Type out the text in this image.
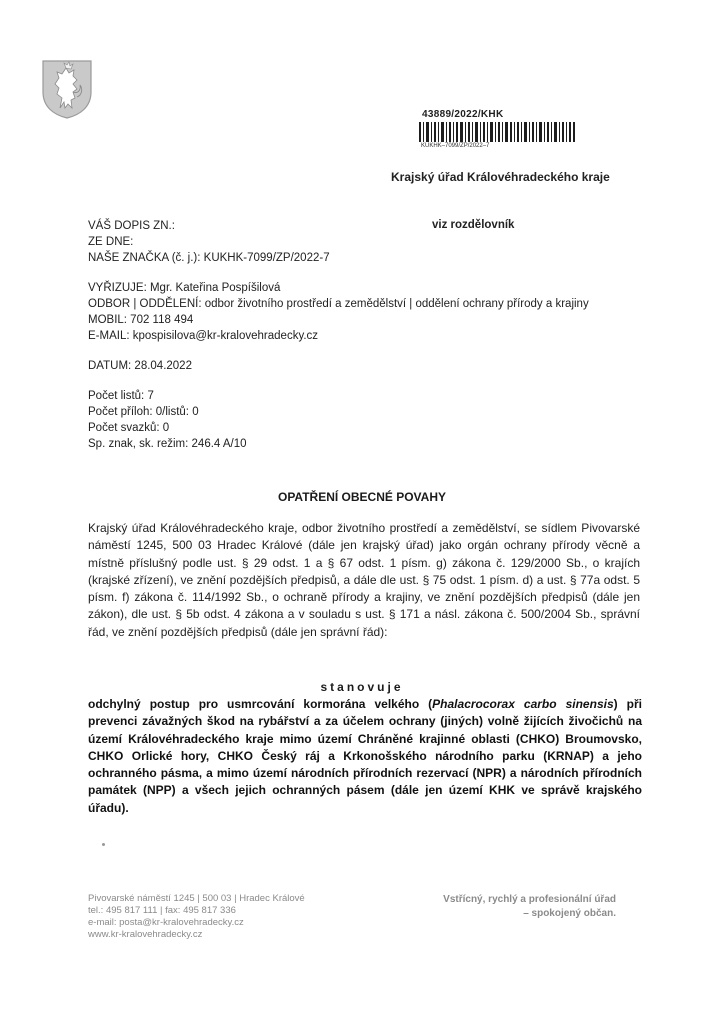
43889/2022/KHK
KUKHK–7099/ZP/2022–7
Krajský úřad Královéhradeckého kraje
VÁŠ DOPIS ZN.:
ZE DNE:
NAŠE ZNAČKA (č. j.): KUKHK-7099/ZP/2022-7
viz rozdělovník
VYŘIZUJE: Mgr. Kateřina Pospíšilová
ODBOR | ODDĚLENÍ: odbor životního prostředí a zemědělství | oddělení ochrany přírody a krajiny
MOBIL: 702 118 494
E-MAIL: kpospisilova@kr-kralovehradecky.cz
DATUM: 28.04.2022
Počet listů: 7
Počet příloh: 0/listů: 0
Počet svazků: 0
Sp. znak, sk. režim: 246.4 A/10
OPATŘENÍ OBECNÉ POVAHY
Krajský úřad Královéhradeckého kraje, odbor životního prostředí a zemědělství, se sídlem Pivovarské náměstí 1245, 500 03 Hradec Králové (dále jen krajský úřad) jako orgán ochrany přírody věcně a místně příslušný podle ust. § 29 odst. 1 a § 67 odst. 1 písm. g) zákona č. 129/2000 Sb., o krajích (krajské zřízení), ve znění pozdějších předpisů, a dále dle ust. § 75 odst. 1 písm. d) a ust. § 77a odst. 5 písm. f) zákona č. 114/1992 Sb., o ochraně přírody a krajiny, ve znění pozdějších předpisů (dále jen zákon), dle ust. § 5b odst. 4 zákona a v souladu s ust. § 171 a násl. zákona č. 500/2004 Sb., správní řád, ve znění pozdějších předpisů (dále jen správní řád):
stanovuje
odchylný postup pro usmrcování kormorána velkého (Phalacrocorax carbo sinensis) při prevenci závažných škod na rybářství a za účelem ochrany (jiných) volně žijících živočichů na území Královéhradeckého kraje mimo území Chráněné krajinné oblasti (CHKO) Broumovsko, CHKO Orlické hory, CHKO Český ráj a Krkonošského národního parku (KRNAP) a jeho ochranného pásma, a mimo území národních přírodních rezervací (NPR) a národních přírodních památek (NPP) a všech jejich ochranných pásem (dále jen území KHK ve správě krajského úřadu).
Pivovarské náměstí 1245 | 500 03 | Hradec Králové
tel.: 495 817 111 | fax: 495 817 336
e-mail: posta@kr-kralovehradecky.cz
www.kr-kralovehradecky.cz
Vstřícný, rychlý a profesionální úřad
– spokojený občan.
